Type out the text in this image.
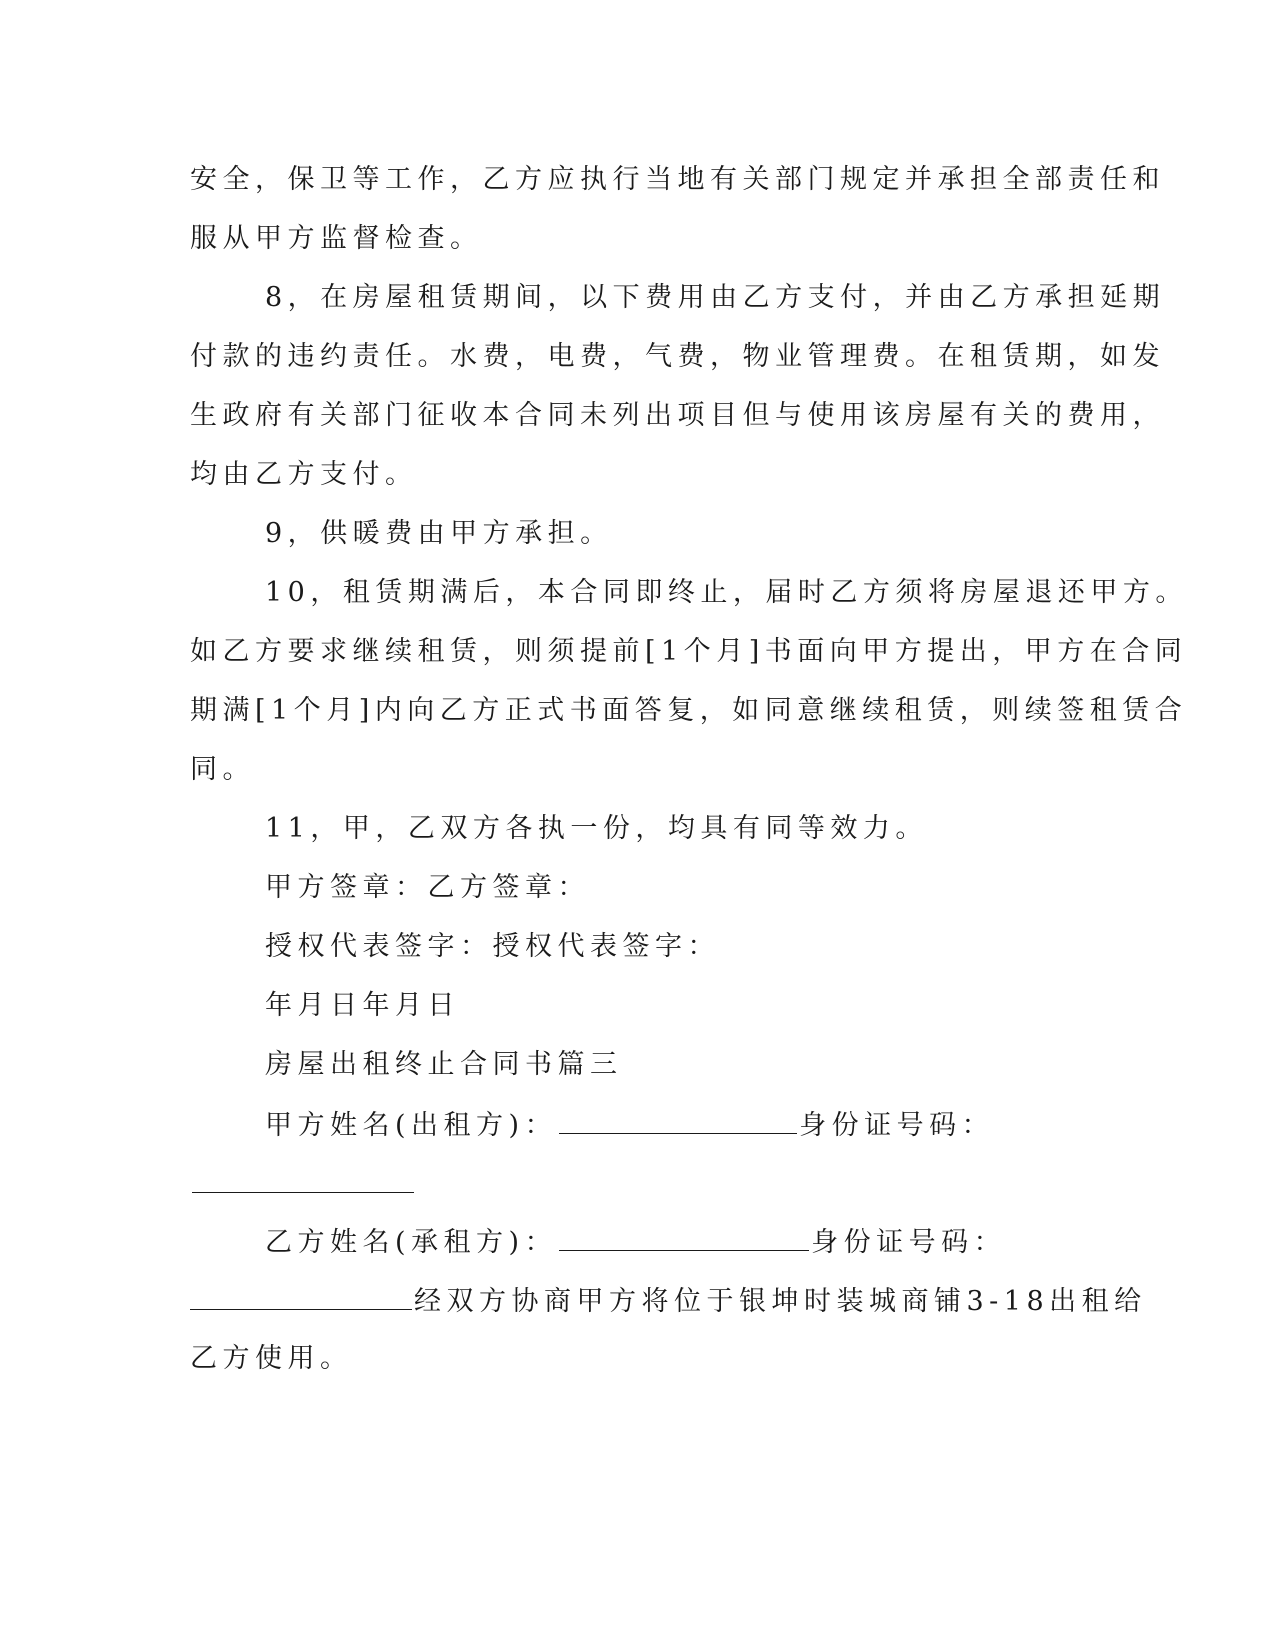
安全，保卫等工作，乙方应执行当地有关部门规定并承担全部责任和
服从甲方监督检查。
8，在房屋租赁期间，以下费用由乙方支付，并由乙方承担延期
付款的违约责任。水费，电费，气费，物业管理费。在租赁期，如发
生政府有关部门征收本合同未列出项目但与使用该房屋有关的费用，
均由乙方支付。
9，供暖费由甲方承担。
10，租赁期满后，本合同即终止，届时乙方须将房屋退还甲方。
如乙方要求继续租赁，则须提前[1个月]书面向甲方提出，甲方在合同
期满[1个月]内向乙方正式书面答复，如同意继续租赁，则续签租赁合
同。
11，甲，乙双方各执一份，均具有同等效力。
甲方签章：乙方签章：
授权代表签字：授权代表签字：
年月日年月日
房屋出租终止合同书篇三
甲方姓名(出租方)：	身份证号码：
乙方姓名(承租方)：	身份证号码：
经双方协商甲方将位于银坤时装城商铺3-18出租给
乙方使用。
